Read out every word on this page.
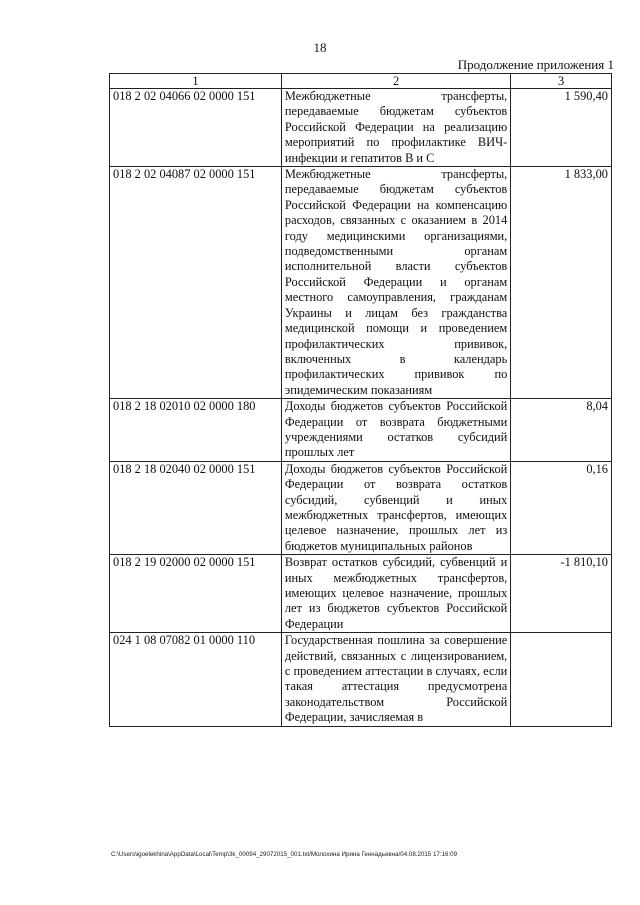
18
Продолжение приложения 1
1	2	3
018 2 02 04066 02 0000 151	Межбюджетные трансферты, передаваемые бюджетам субъектов Российской Федерации на реализацию мероприятий по профилактике ВИЧ-инфекции и гепатитов В и С	1 590,40
018 2 02 04087 02 0000 151	Межбюджетные трансферты, передаваемые бюджетам субъектов Российской Федерации на компенсацию расходов, связанных с оказанием в 2014 году медицинскими организациями, подведомственными органам исполнительной власти субъектов Российской Федерации и органам местного самоуправления, гражданам Украины и лицам без гражданства медицинской помощи и проведением профилактических прививок, включенных в календарь профилактических прививок по эпидемическим показаниям	1 833,00
018 2 18 02010 02 0000 180	Доходы бюджетов субъектов Российской Федерации от возврата бюджетными учреждениями остатков субсидий прошлых лет	8,04
018 2 18 02040 02 0000 151	Доходы бюджетов субъектов Российской Федерации от возврата остатков субсидий, субвенций и иных межбюджетных трансфертов, имеющих целевое назначение, прошлых лет из бюджетов муниципальных районов	0,16
018 2 19 02000 02 0000 151	Возврат остатков субсидий, субвенций и иных межбюджетных трансфертов, имеющих целевое назначение, прошлых лет из бюджетов субъектов Российской Федерации	-1 810,10
024 1 08 07082 01 0000 110	Государственная пошлина за совершение действий, связанных с лицензированием, с проведением аттестации в случаях, если такая аттестация предусмотрена законодательством Российской Федерации, зачисляемая в	
C:\Users\igoelekhina\AppData\Local\Temp\3k_00094_29072015_001.txt/Молохина Ирина Геннадьевна/04.08.2015 17:16:09
